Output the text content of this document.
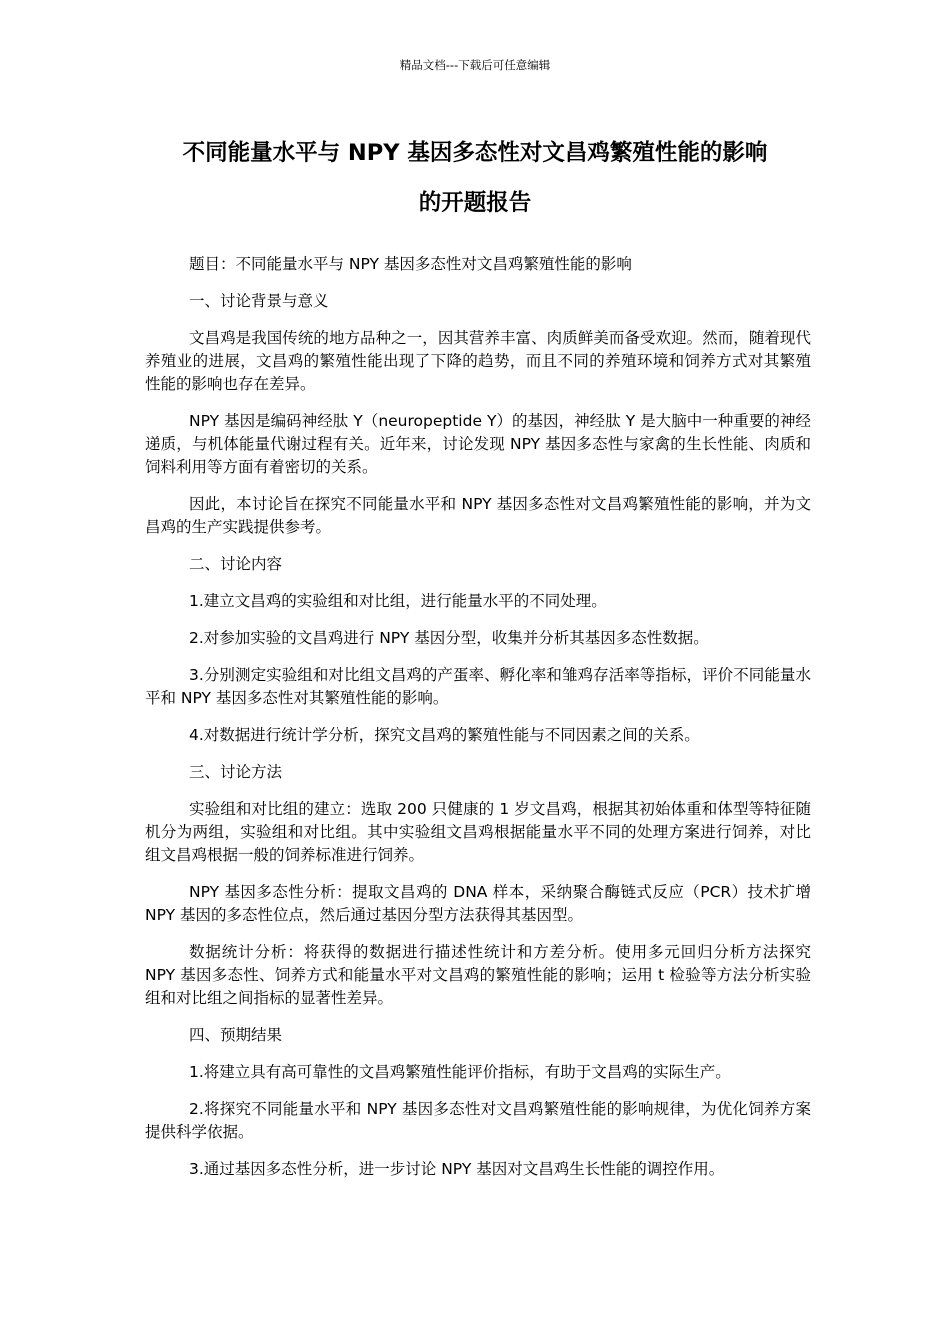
精品文档---下载后可任意编辑
不同能量水平与 NPY 基因多态性对文昌鸡繁殖性能的影响
的开题报告

题目：不同能量水平与 NPY 基因多态性对文昌鸡繁殖性能的影响

一、讨论背景与意义

文昌鸡是我国传统的地方品种之一，因其营养丰富、肉质鲜美而备受欢迎。然而，随着现代养殖业的进展，文昌鸡的繁殖性能出现了下降的趋势，而且不同的养殖环境和饲养方式对其繁殖性能的影响也存在差异。

NPY 基因是编码神经肽 Y（neuropeptide Y）的基因，神经肽 Y 是大脑中一种重要的神经递质，与机体能量代谢过程有关。近年来，讨论发现 NPY 基因多态性与家禽的生长性能、肉质和饲料利用等方面有着密切的关系。

因此，本讨论旨在探究不同能量水平和 NPY 基因多态性对文昌鸡繁殖性能的影响，并为文昌鸡的生产实践提供参考。

二、讨论内容

1.建立文昌鸡的实验组和对比组，进行能量水平的不同处理。

2.对参加实验的文昌鸡进行 NPY 基因分型，收集并分析其基因多态性数据。

3.分别测定实验组和对比组文昌鸡的产蛋率、孵化率和雏鸡存活率等指标，评价不同能量水平和 NPY 基因多态性对其繁殖性能的影响。

4.对数据进行统计学分析，探究文昌鸡的繁殖性能与不同因素之间的关系。

三、讨论方法

实验组和对比组的建立：选取 200 只健康的 1 岁文昌鸡，根据其初始体重和体型等特征随机分为两组，实验组和对比组。其中实验组文昌鸡根据能量水平不同的处理方案进行饲养，对比组文昌鸡根据一般的饲养标准进行饲养。

NPY 基因多态性分析：提取文昌鸡的 DNA 样本，采纳聚合酶链式反应（PCR）技术扩增 NPY 基因的多态性位点，然后通过基因分型方法获得其基因型。

数据统计分析：将获得的数据进行描述性统计和方差分析。使用多元回归分析方法探究 NPY 基因多态性、饲养方式和能量水平对文昌鸡的繁殖性能的影响；运用 t 检验等方法分析实验组和对比组之间指标的显著性差异。

四、预期结果

1.将建立具有高可靠性的文昌鸡繁殖性能评价指标，有助于文昌鸡的实际生产。

2.将探究不同能量水平和 NPY 基因多态性对文昌鸡繁殖性能的影响规律，为优化饲养方案提供科学依据。

3.通过基因多态性分析，进一步讨论 NPY 基因对文昌鸡生长性能的调控作用。
